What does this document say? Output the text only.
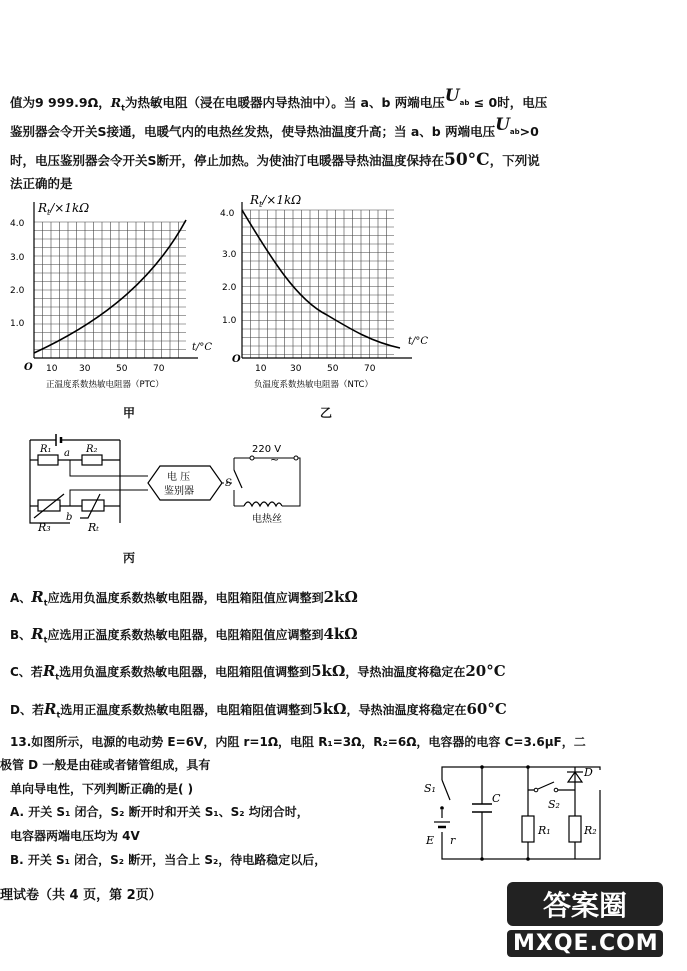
值为9 999.9Ω，$R_t$为热敏电阻（浸在电暖器内导热油中）。当 a、b 两端电压$U_{ab} \le 0$时，电压
鉴别器会令开关S接通，电暖气内的电热丝发热，使导热油温度升高；当 a、b 两端电压$U_{ab}>0$
时，电压鉴别器会令开关S断开，停止加热。为使油汀电暖器导热油温度保持在50°C，下列说
法正确的是
$R_t/\times 1k\Omega$
4.0
3.0
2.0
1.0
O 10 30	50	70
t/°C
正温度系数热敏电阻器（PTC）
甲
$R_t/\times 1k\Omega$
4.0
3.0
2.0
1.0
O
10	30	50	70
t/°C
负温度系数热敏电阻器（NTC）
乙
R₁	R₂
a
R₃	Rₜ
b
电 压
鉴别器
S
220 V
~
电热丝
丙
A、$R_t$应选用负温度系数热敏电阻器，电阻箱阻值应调整到2kΩ
B、$R_t$应选用正温度系数热敏电阻器，电阻箱阻值应调整到4kΩ
C、若$R_t$选用负温度系数热敏电阻器，电阻箱阻值调整到5kΩ，导热油温度将稳定在20°C
D、若$R_t$选用正温度系数热敏电阻器，电阻箱阻值调整到5kΩ，导热油温度将稳定在60°C
13.如图所示，电源的电动势 E=6V，内阻 r=1Ω，电阻 R₁=3Ω，R₂=6Ω，电容器的电容 C=3.6μF，二
极管 D 一般是由硅或者锗管组成，具有
单向导电性，下列判断正确的是( )
A. 开关 S₁ 闭合，S₂ 断开时和开关 S₁、S₂ 均闭合时，
电容器两端电压均为 4V
B. 开关 S₁ 闭合，S₂ 断开，当合上 S₂，待电路稳定以后，
S₁
E r
C	S₂
R₁
D
R₂
理试卷（共 4 页，第 2页）	答案圈
MXQE.COM
